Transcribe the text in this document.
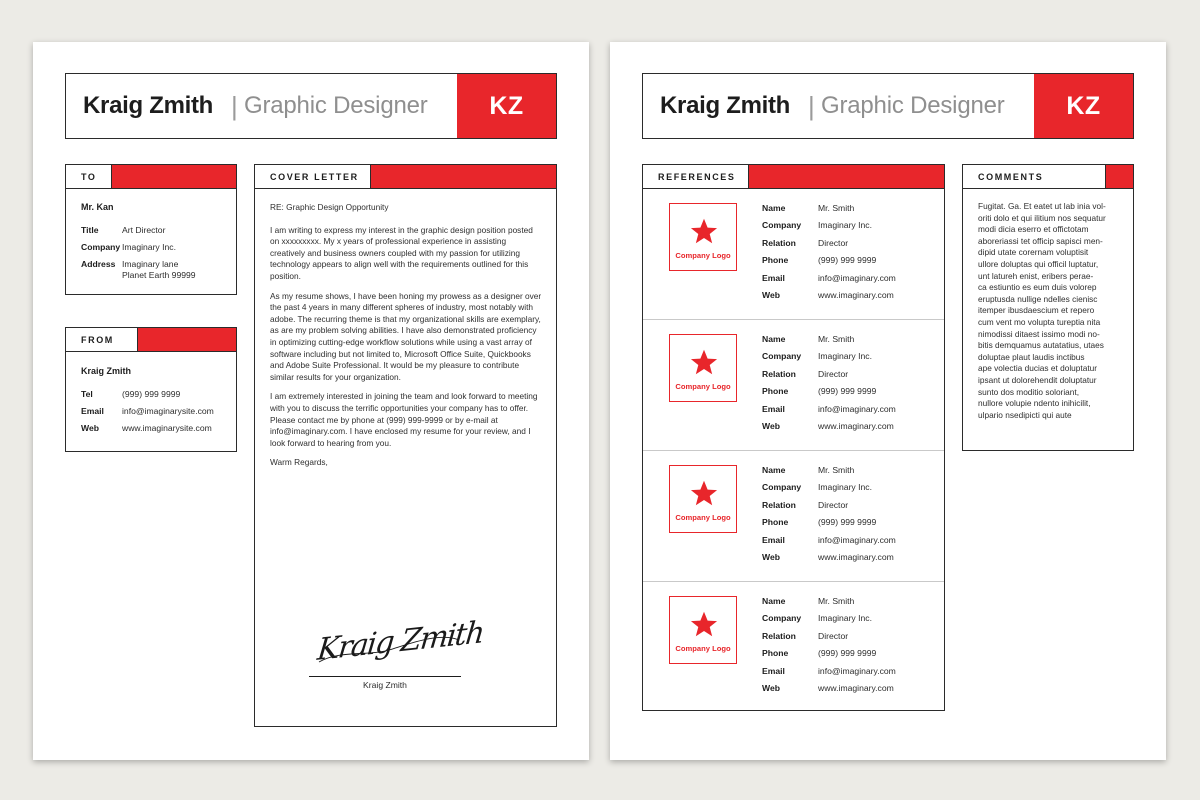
Kraig Zmith | Graphic Designer	KZ
TO
Mr. Kan
Title	Art Director
Company Imaginary Inc.
Address Imaginary lane
Planet Earth 99999
FROM
Kraig Zmith
Tel	(999) 999 9999
Email	info@imaginarysite.com
Web	www.imaginarysite.com
COVER LETTER

RE: Graphic Design Opportunity

I am writing to express my interest in the graphic design position posted on xxxxxxxxx. My x years of professional experience in assisting creatively and business owners coupled with my passion for utilizing technology appears to align well with the requirements outlined for this position.

As my resume shows, I have been honing my prowess as a designer over the past 4 years in many different spheres of industry, most notably with adobe. The recurring theme is that my organizational skills are exemplary, as are my problem solving abilities. I have also demonstrated proficiency in optimizing cutting-edge workflow solutions while using a vast array of software including but not limited to, Microsoft Office Suite, Quickbooks and Adobe Suite Professional. It would be my pleasure to contribute similar results for your organization.

I am extremely interested in joining the team and look forward to meeting with you to discuss the terrific opportunities your company has to offer. Please contact me by phone at (999) 999-9999 or by e-mail at info@imaginary.com. I have enclosed my resume for your review, and I look forward to hearing from you.

Warm Regards,

Kraig Zmith
Kraig Zmith
Kraig Zmith | Graphic Designer	KZ
REFERENCES
Company Logo
Name	Mr. Smith
Company	Imaginary Inc.
Relation	Director
Phone	(999) 999 9999
Email	info@imaginary.com
Web	www.imaginary.com
Company Logo
Name	Mr. Smith
Company	Imaginary Inc.
Relation	Director
Phone	(999) 999 9999
Email	info@imaginary.com
Web	www.imaginary.com
Company Logo
Name	Mr. Smith
Company	Imaginary Inc.
Relation	Director
Phone	(999) 999 9999
Email	info@imaginary.com
Web	www.imaginary.com
Company Logo
Name	Mr. Smith
Company	Imaginary Inc.
Relation	Director
Phone	(999) 999 9999
Email	info@imaginary.com
Web	www.imaginary.com
COMMENTS
Fugitat. Ga. Et eatet ut lab inia vol-
oriti dolo et qui ilitium nos sequatur
modi dicia eserro et offictotam
aboreriassi tet officip sapisci men-
dipid utate corernam voluptisit
ullore doluptas qui officil luptatur,
unt latureh enist, eribers perae-
ca estiuntio es eum duis volorep
eruptusda nullige ndelles cienisc
itemper ibusdaescium et repero
cum vent mo volupta tureptia nita
nimodissi ditaest issimo modi no-
bitis demquamus autatatius, utaes
doluptae plaut laudis inctibus
ape volectia ducias et doluptatur
ipsant ut dolorehendit doluptatur
sunto dos moditio soloriant,
nullore volupie ndento inihicilit,
ulpario nsedipicti qui aute
